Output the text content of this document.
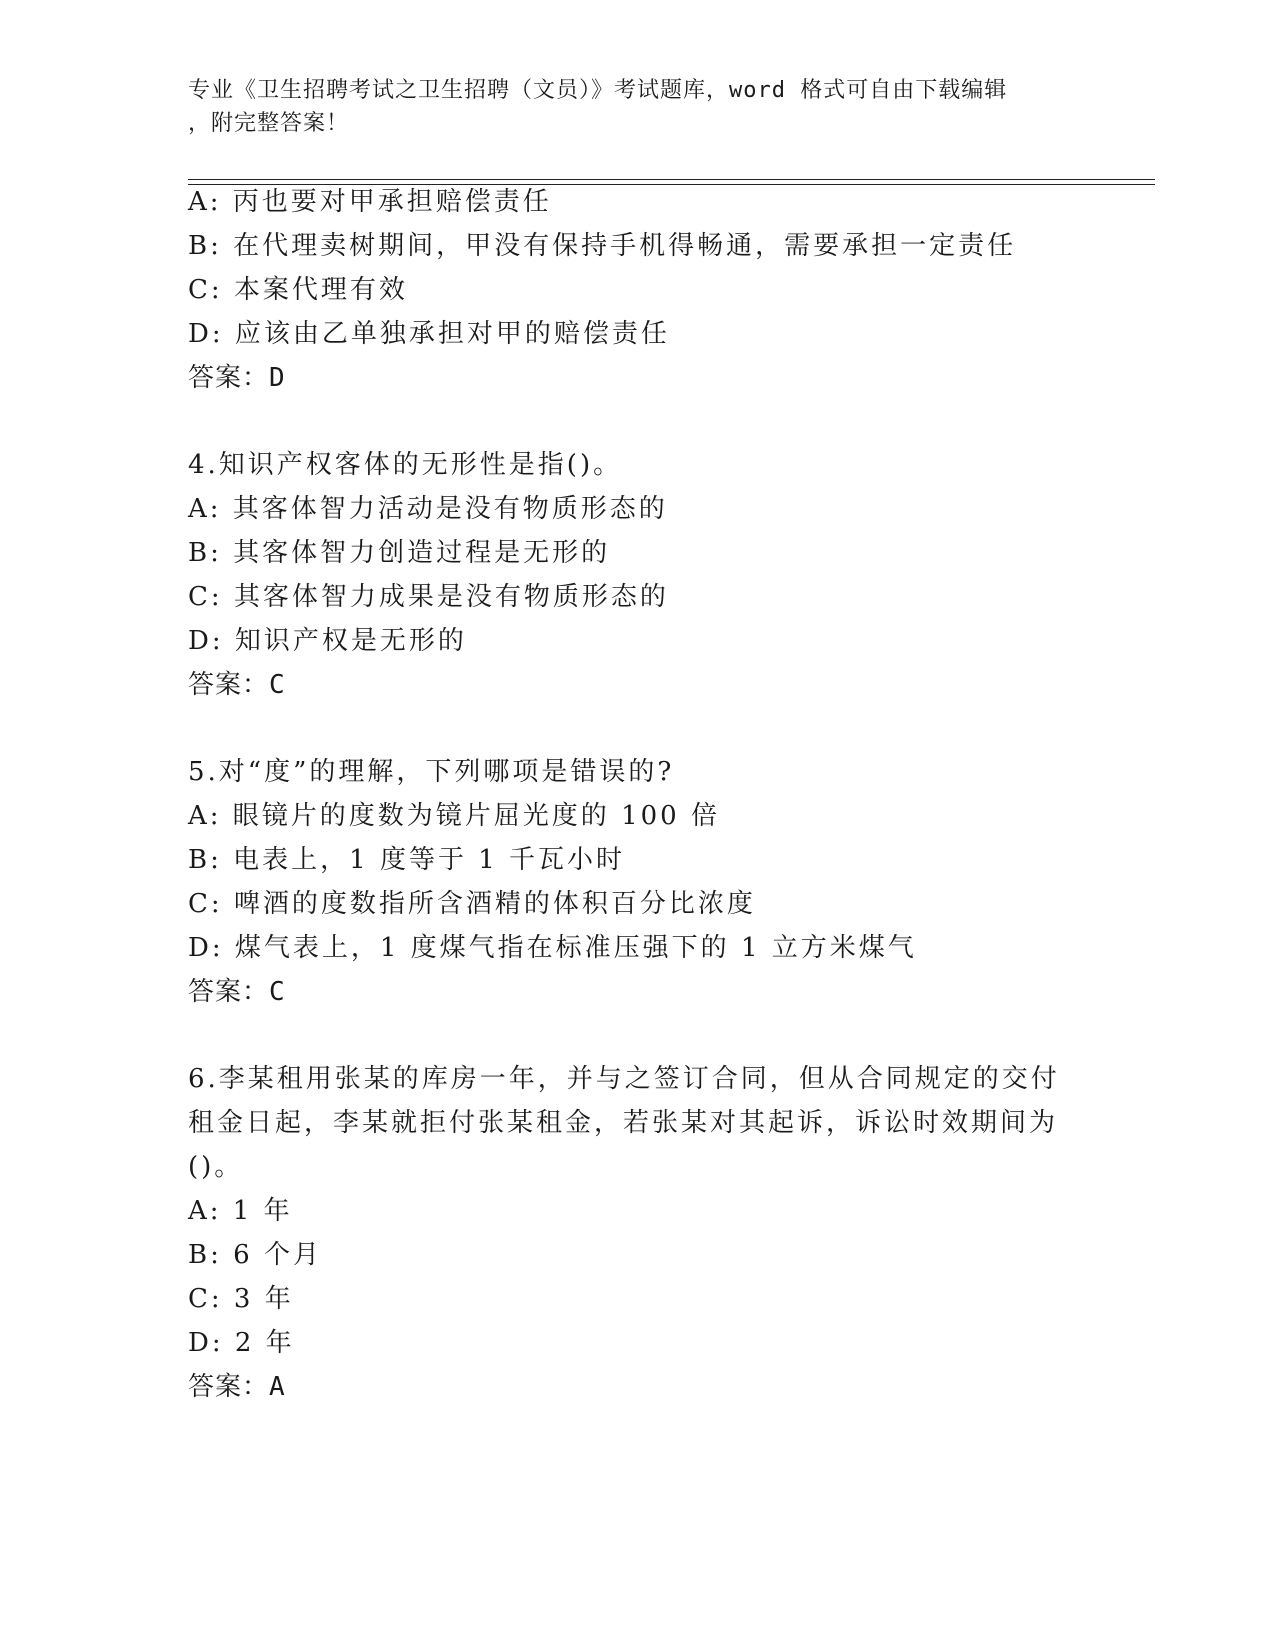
专业《卫生招聘考试之卫生招聘（文员）》考试题库，word 格式可自由下载编辑
，附完整答案！

A: 丙也要对甲承担赔偿责任

B: 在代理卖树期间，甲没有保持手机得畅通，需要承担一定责任

C: 本案代理有效

D: 应该由乙单独承担对甲的赔偿责任

答案：D

4.知识产权客体的无形性是指()。

A: 其客体智力活动是没有物质形态的

B: 其客体智力创造过程是无形的

C: 其客体智力成果是没有物质形态的

D: 知识产权是无形的

答案：C

5.对“度”的理解，下列哪项是错误的?

A: 眼镜片的度数为镜片屈光度的 100 倍

B: 电表上，1 度等于 1 千瓦小时

C: 啤酒的度数指所含酒精的体积百分比浓度

D: 煤气表上，1 度煤气指在标准压强下的 1 立方米煤气

答案：C

6.李某租用张某的库房一年，并与之签订合同，但从合同规定的交付

租金日起，李某就拒付张某租金，若张某对其起诉，诉讼时效期间为

()。

A: 1 年

B: 6 个月

C: 3 年

D: 2 年

答案：A
